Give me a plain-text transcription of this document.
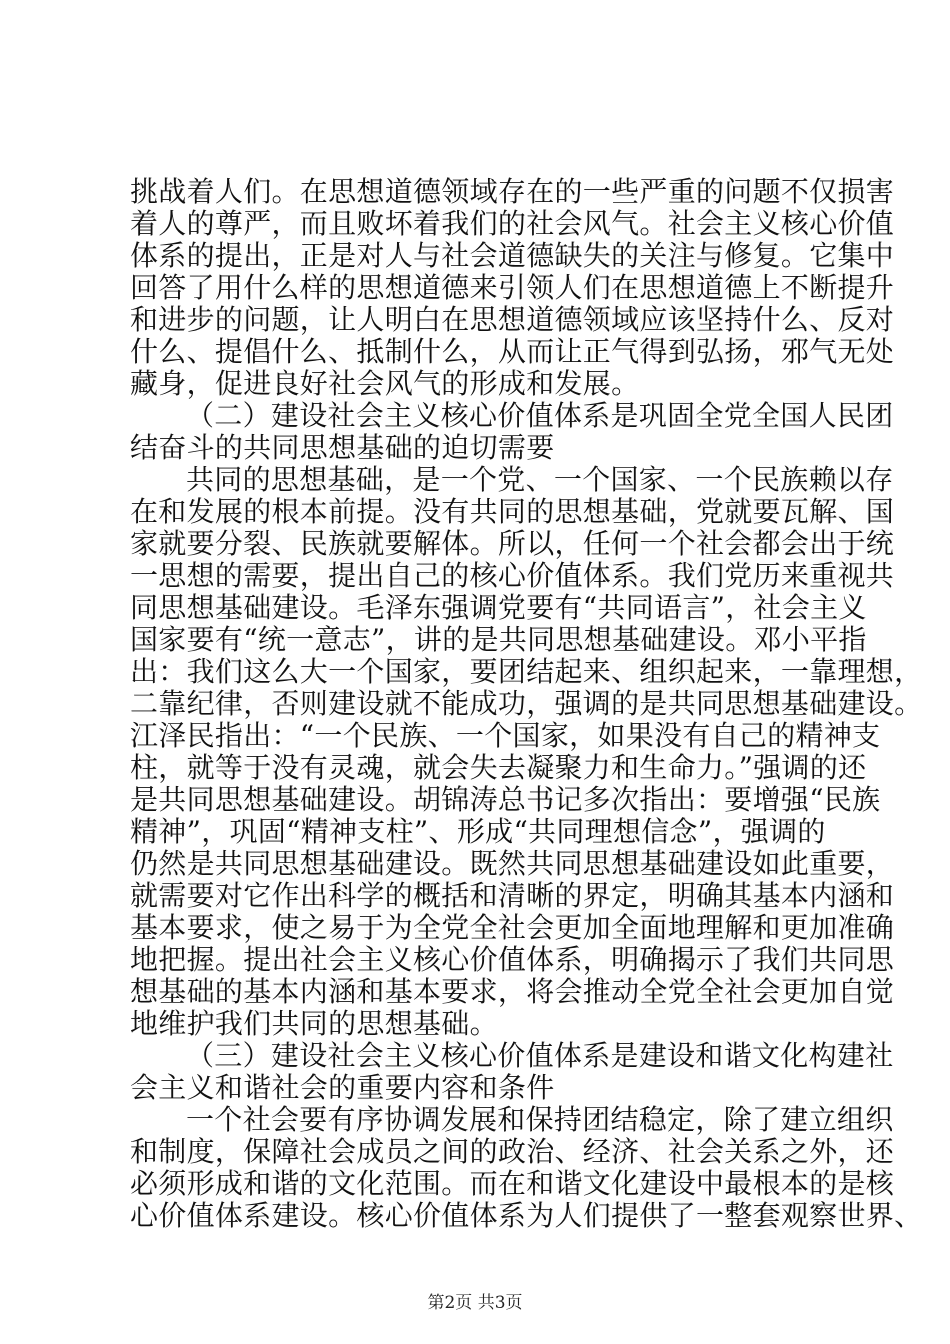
挑战着人们。在思想道德领域存在的一些严重的问题不仅损害
着人的尊严，而且败坏着我们的社会风气。社会主义核心价值
体系的提出，正是对人与社会道德缺失的关注与修复。它集中
回答了用什么样的思想道德来引领人们在思想道德上不断提升
和进步的问题，让人明白在思想道德领域应该坚持什么、反对
什么、提倡什么、抵制什么，从而让正气得到弘扬，邪气无处
藏身，促进良好社会风气的形成和发展。
（二）建设社会主义核心价值体系是巩固全党全国人民团
结奋斗的共同思想基础的迫切需要
共同的思想基础，是一个党、一个国家、一个民族赖以存
在和发展的根本前提。没有共同的思想基础，党就要瓦解、国
家就要分裂、民族就要解体。所以，任何一个社会都会出于统
一思想的需要，提出自己的核心价值体系。我们党历来重视共
同思想基础建设。毛泽东强调党要有“共同语言”，社会主义
国家要有“统一意志”，讲的是共同思想基础建设。邓小平指
出：我们这么大一个国家，要团结起来、组织起来，一靠理想，
二靠纪律，否则建设就不能成功，强调的是共同思想基础建设。
江泽民指出：“一个民族、一个国家，如果没有自己的精神支
柱，就等于没有灵魂，就会失去凝聚力和生命力。”强调的还
是共同思想基础建设。胡锦涛总书记多次指出：要增强“民族
精神”，巩固“精神支柱”、形成“共同理想信念”，强调的
仍然是共同思想基础建设。既然共同思想基础建设如此重要，
就需要对它作出科学的概括和清晰的界定，明确其基本内涵和
基本要求，使之易于为全党全社会更加全面地理解和更加准确
地把握。提出社会主义核心价值体系，明确揭示了我们共同思
想基础的基本内涵和基本要求，将会推动全党全社会更加自觉
地维护我们共同的思想基础。
（三）建设社会主义核心价值体系是建设和谐文化构建社
会主义和谐社会的重要内容和条件
一个社会要有序协调发展和保持团结稳定，除了建立组织
和制度，保障社会成员之间的政治、经济、社会关系之外，还
必须形成和谐的文化范围。而在和谐文化建设中最根本的是核
心价值体系建设。核心价值体系为人们提供了一整套观察世界、
第2页 共3页
